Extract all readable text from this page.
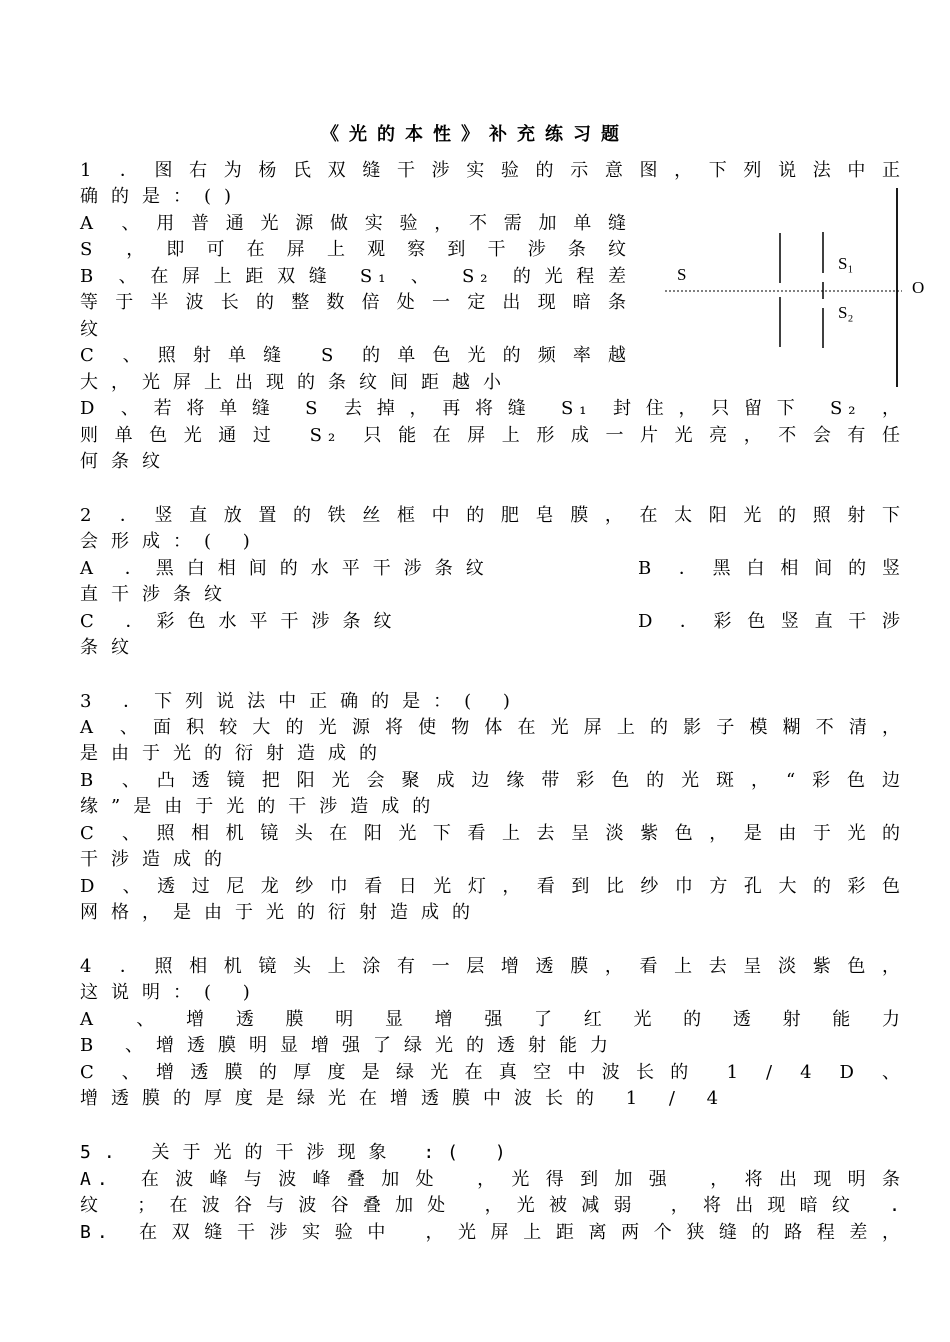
《光的本性》补充练习题
1 ．图右为杨氏双缝干涉实验的示意图，下列说法中正
确的是：()
A 、用普通光源做实验，不需加单缝
S ，即可在屏上观察到干涉条纹
B 、在屏上距双缝 S₁ 、 S₂ 的光程差
等于半波长的整数倍处一定出现暗条
纹
C 、照射单缝 S 的单色光的频率越
大，光屏上出现的条纹间距越小
D 、若将单缝 S 去掉，再将缝 S₁ 封住，只留下 S₂ ，
则单色光通过 S₂ 只能在屏上形成一片光亮，不会有任
何条纹
S
S₁
S₂
O
2 ．竖直放置的铁丝框中的肥皂膜，在太阳光的照射下
会形成：( )
A ．黑白相间的水平干涉条纹	B ．黑白相间的竖
直干涉条纹
C ．彩色水平干涉条纹	D ．彩色竖直干涉
条纹
3 ．下列说法中正确的是：( )
A 、面积较大的光源将使物体在光屏上的影子模糊不清，
是由于光的衍射造成的
B 、凸透镜把阳光会聚成边缘带彩色的光斑，“彩色边
缘”是由于光的干涉造成的
C 、照相机镜头在阳光下看上去呈淡紫色，是由于光的
干涉造成的
D 、透过尼龙纱巾看日光灯，看到比纱巾方孔大的彩色
网格，是由于光的衍射造成的
4 ．照相机镜头上涂有一层增透膜，看上去呈淡紫色，
这说明：( )
A 、增透膜明显增强了红光的透射能力
B 、增透膜明显增强了绿光的透射能力
C 、增透膜的厚度是绿光在真空中波长的 1 / 4 D 、
增透膜的厚度是绿光在增透膜中波长的 1 / 4
5. 关于光的干涉现象 :( )
A. 在波峰与波峰叠加处 ，光得到加强 ，将出现明条
纹 ；在波谷与波谷叠加处 ，光被减弱 ，将出现暗纹 .
B. 在双缝干涉实验中 ，光屏上距离两个狭缝的路程差，
